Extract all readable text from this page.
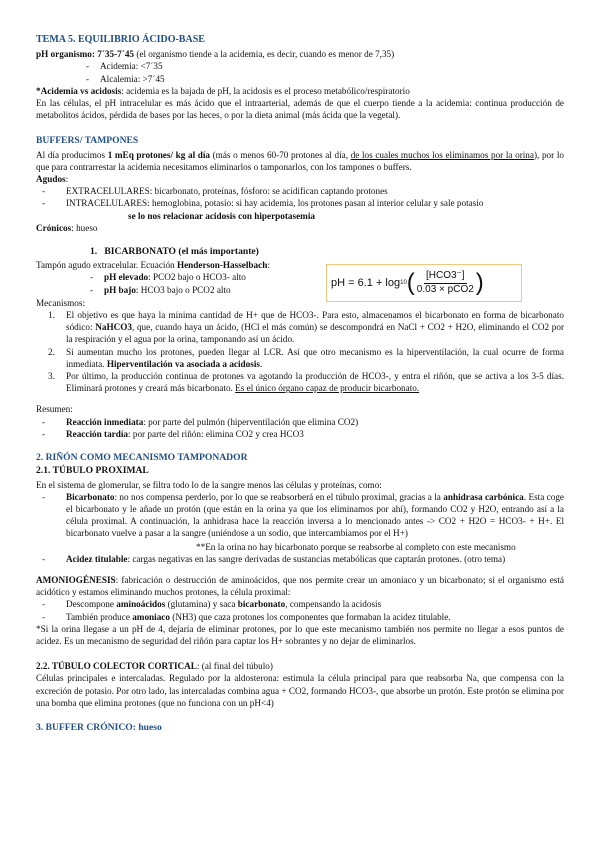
TEMA 5. EQUILIBRIO ÁCIDO-BASE

pH organismo: 7´35-7´45 (el organismo tiende a la acidemia, es decir, cuando es menor de 7,35)

- Acidemia: <7´35
- Alcalemia: >7´45

*Acidemia vs acidosis: acidemia es la bajada de pH, la acidosis es el proceso metabólico/respiratorio

En las células, el pH intracelular es más ácido que el intraarterial, además de que el cuerpo tiende a la acidemia: continua producción de metabolitos ácidos, pérdida de bases por las heces, o por la dieta animal (más ácida que la vegetal).

BUFFERS/ TAMPONES

Al día producimos 1 mEq protones/ kg al día (más o menos 60-70 protones al día, de los cuales muchos los eliminamos por la orina), por lo que para contrarrestar la acidemia necesitamos eliminarlos o tamponarlos, con los tampones o buffers.

Agudos:

- EXTRACELULARES: bicarbonato, proteínas, fósforo: se acidifican captando protones
- INTRACELULARES: hemoglobina, potasio: si hay acidemia, los protones pasan al interior celular y sale potasio

se lo nos relacionar acidosis con hiperpotasemia

Crónicos: hueso

1. BICARBONATO (el más importante)

Tampón agudo extracelular. Ecuación Henderson-Hasselbach:

- pH elevado: PCO2 bajo o HCO3- alto
- pH bajo: HCO3 bajo o PCO2 alto
pH = 6.1 + log 10 ( [HCO3⁻]
0.03 × pCO2 )

Mecanismos:

1. El objetivo es que haya la mínima cantidad de H+ que de HCO3-. Para esto, almacenamos el bicarbonato en forma de bicarbonato sódico: NaHCO3, que, cuando haya un ácido, (HCl el más común) se descompondrá en NaCl + CO2 + H2O, eliminando el CO2 por la respiración y el agua por la orina, tamponando así un ácido.
2. Si aumentan mucho los protones, pueden llegar al LCR. Así que otro mecanismo es la hiperventilación, la cual ocurre de forma inmediata. Hiperventilación va asociada a acidosis.
3. Por último, la producción continua de protones va agotando la producción de HCO3-, y entra el riñón, que se activa a los 3-5 días. Eliminará protones y creará más bicarbonato. Es el único órgano capaz de producir bicarbonato.

Resumen:

- Reacción inmediata: por parte del pulmón (hiperventilación que elimina CO2)
- Reacción tardía: por parte del riñón: elimina CO2 y crea HCO3

2. RIÑÓN COMO MECANISMO TAMPONADOR

2.1. TÚBULO PROXIMAL

En el sistema de glomerular, se filtra todo lo de la sangre menos las células y proteínas, como:

- Bicarbonato: no nos compensa perderlo, por lo que se reabsorberá en el túbulo proximal, gracias a la anhidrasa carbónica. Esta coge el bicarbonato y le añade un protón (que están en la orina ya que los eliminamos por ahí), formando CO2 y H2O, entrando así a la célula proximal. A continuación, la anhidrasa hace la reacción inversa a lo mencionado antes -> CO2 + H2O = HCO3- + H+. El bicarbonato vuelve a pasar a la sangre (uniéndose a un sodio, que intercambiamos por el H+)
**En la orina no hay bicarbonato porque se reabsorbe al completo con este mecanismo
- Acidez titulable: cargas negativas en las sangre derivadas de sustancias metabólicas que captarán protones. (otro tema)

AMONIOGÉNESIS: fabricación o destrucción de aminoácidos, que nos permite crear un amoniaco y un bicarbonato; si el organismo está acidótico y estamos eliminando muchos protones, la célula proximal:

- Descompone aminoácidos (glutamina) y saca bicarbonato, compensando la acidosis
- También produce amoniaco (NH3) que caza protones los componentes que formaban la acidez titulable.

*Si la orina llegase a un pH de 4, dejaría de eliminar protones, por lo que este mecanismo también nos permite no llegar a esos puntos de acidez. Es un mecanismo de seguridad del riñón para captar los H+ sobrantes y no dejar de eliminarlos.

2.2. TÚBULO COLECTOR CORTICAL: (al final del túbulo)

Células principales e intercaladas. Regulado por la aldosterona: estimula la célula principal para que reabsorba Na, que compensa con la excreción de potasio. Por otro lado, las intercaladas combina agua + CO2, formando HCO3-, que absorbe un protón. Este protón se elimina por una bomba que elimina protones (que no funciona con un pH<4)

3. BUFFER CRÓNICO: hueso
